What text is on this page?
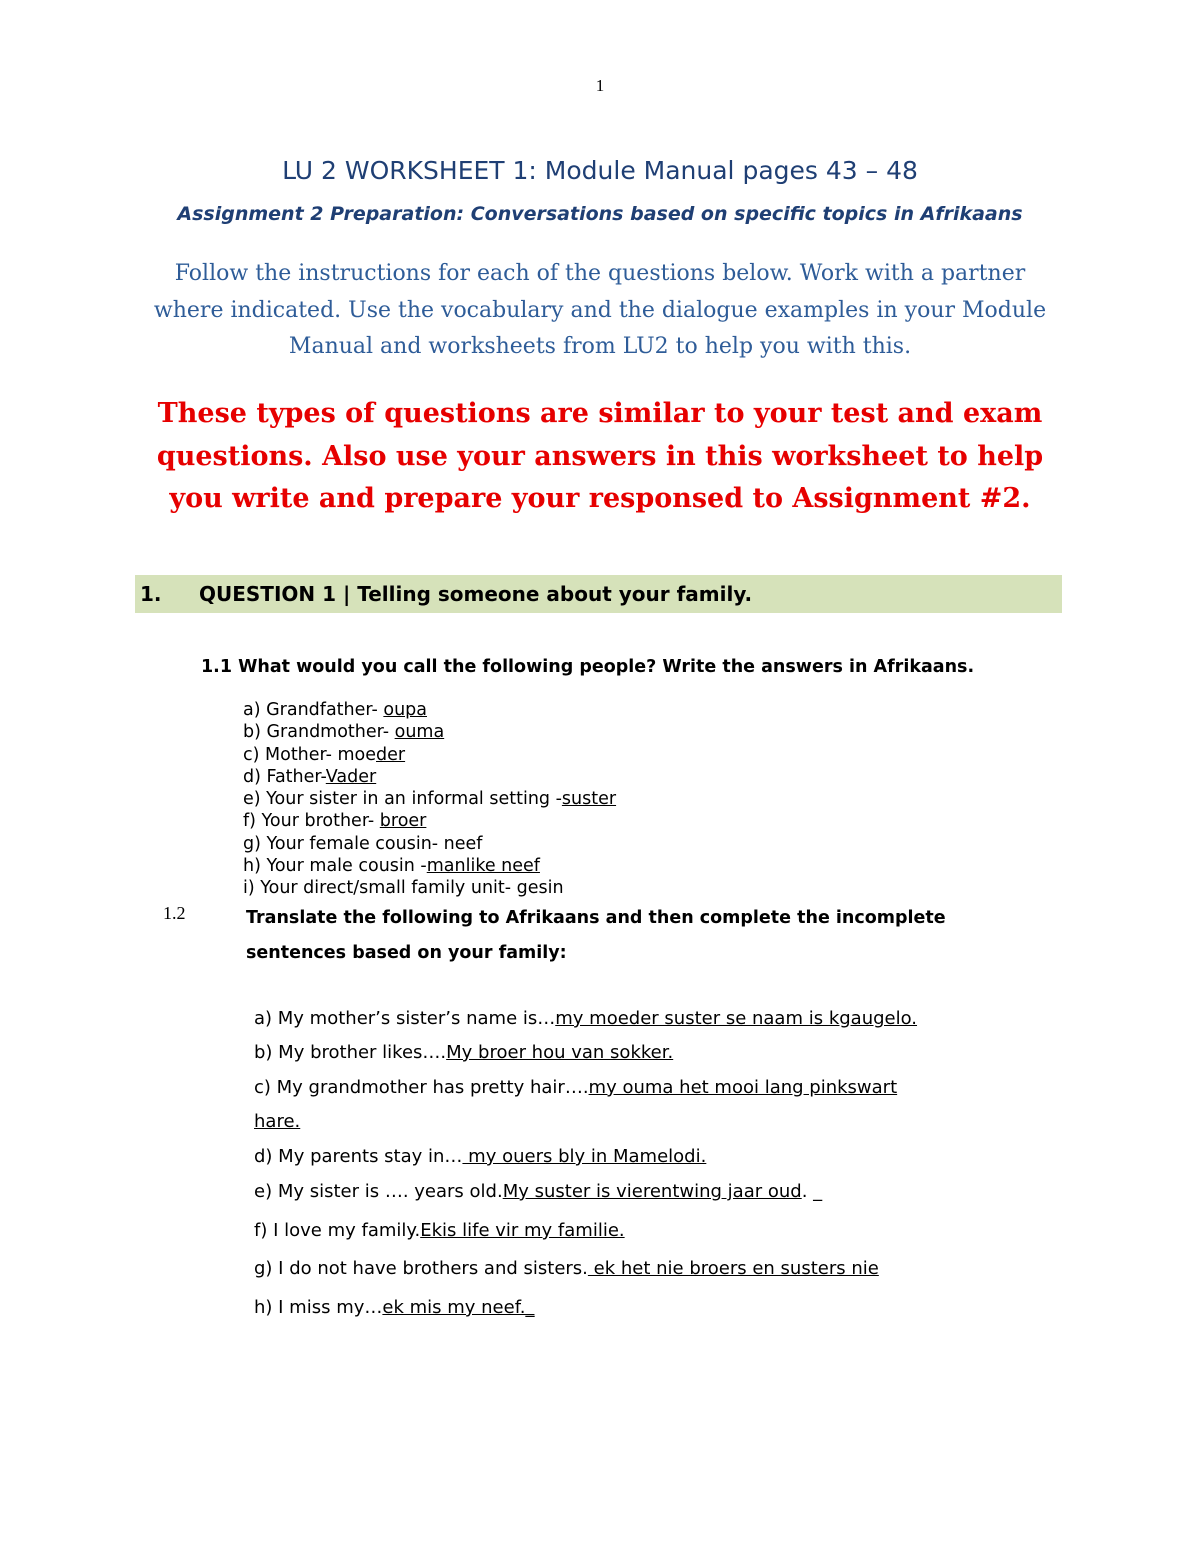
1
LU 2 WORKSHEET 1: Module Manual pages 43 – 48
Assignment 2 Preparation: Conversations based on specific topics in Afrikaans
Follow the instructions for each of the questions below. Work with a partner where indicated. Use the vocabulary and the dialogue examples in your Module Manual and worksheets from LU2 to help you with this.
These types of questions are similar to your test and exam questions. Also use your answers in this worksheet to help you write and prepare your responsed to Assignment #2.
1. QUESTION 1 | Telling someone about your family.
1.1 What would you call the following people? Write the answers in Afrikaans.
a) Grandfather- oupa
b) Grandmother- ouma
c) Mother- moeder
d) Father-Vader
e) Your sister in an informal setting -suster
f) Your brother- broer
g) Your female cousin- neef
h) Your male cousin -manlike neef
i) Your direct/small family unit- gesin
1.2	Translate the following to Afrikaans and then complete the incomplete sentences based on your family:
a) My mother’s sister’s name is…my moeder suster se naam is kgaugelo.
b) My brother likes….My broer hou van sokker.
c) My grandmother has pretty hair….my ouma het mooi lang pinkswart
hare.
d) My parents stay in… my ouers bly in Mamelodi.
e) My sister is …. years old.My suster is vierentwing jaar oud. _
f) I love my family.Ekis life vir my familie.
g) I do not have brothers and sisters. ek het nie broers en susters nie
h) I miss my…ek mis my neef._
